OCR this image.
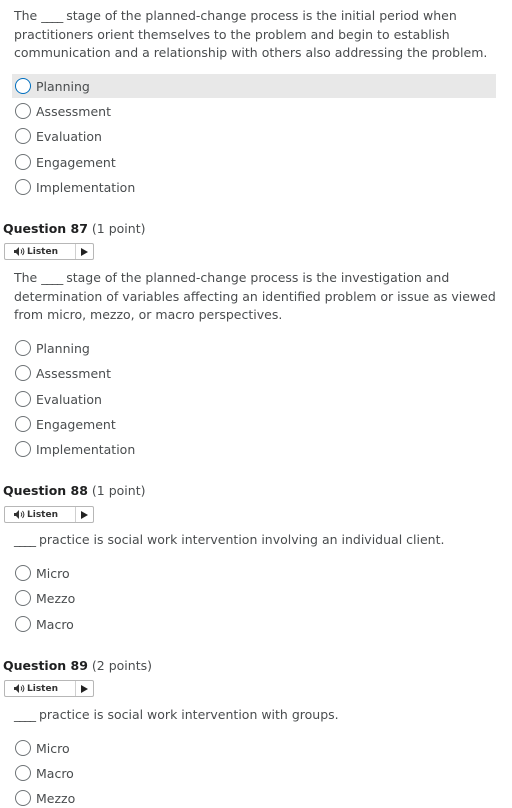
The ____ stage of the planned-change process is the initial period when practitioners orient themselves to the problem and begin to establish communication and a relationship with others also addressing the problem.
Planning
Assessment
Evaluation
Engagement
Implementation
Question 87 (1 point)
Listen
The ____ stage of the planned-change process is the investigation and determination of variables affecting an identified problem or issue as viewed from micro, mezzo, or macro perspectives.
Planning
Assessment
Evaluation
Engagement
Implementation
Question 88 (1 point)
Listen
____ practice is social work intervention involving an individual client.
Micro
Mezzo
Macro
Question 89 (2 points)
Listen
____ practice is social work intervention with groups.
Micro
Macro
Mezzo
